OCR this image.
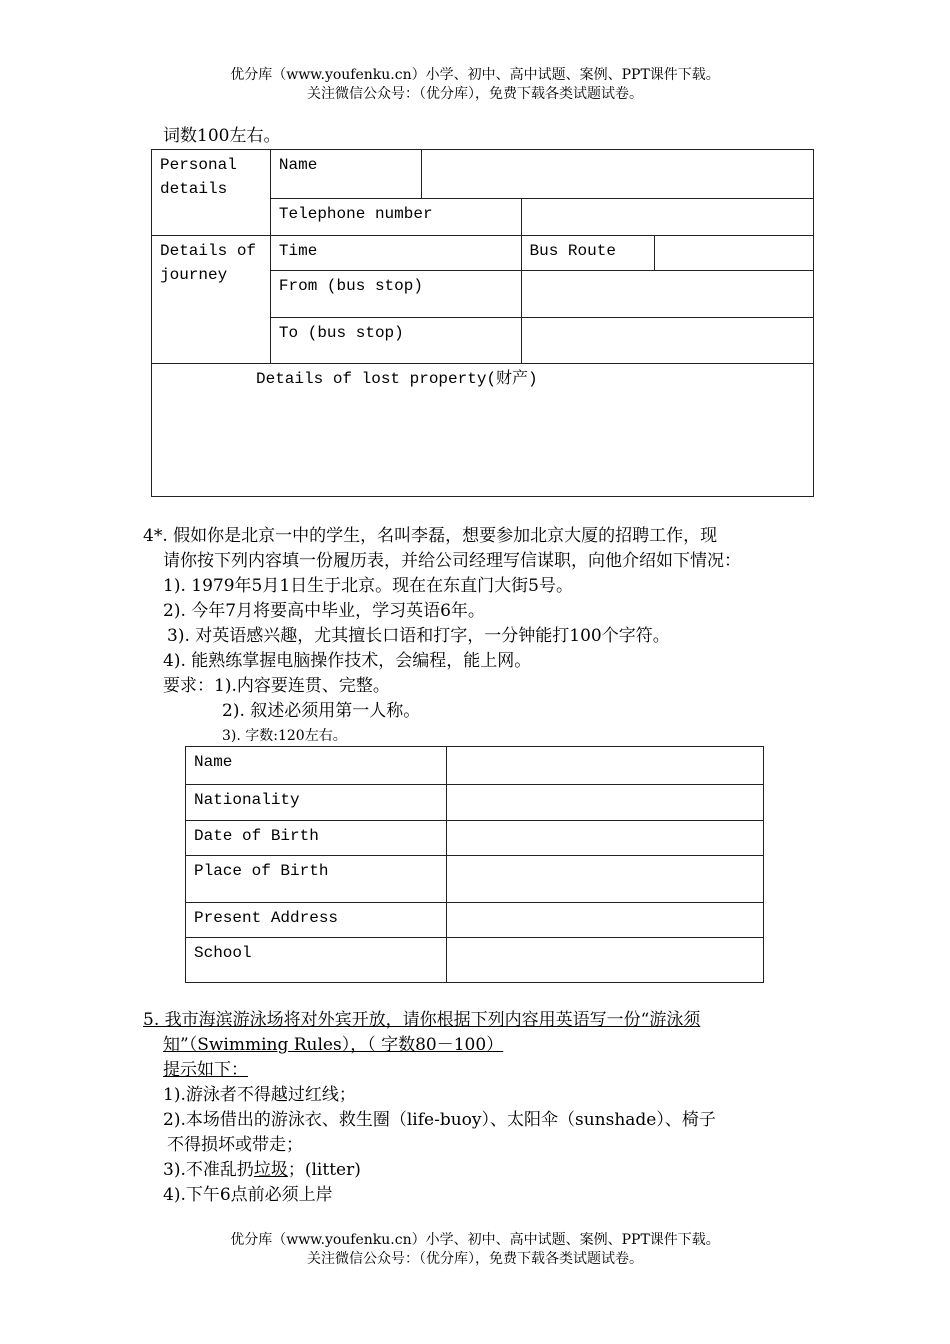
优分库（www.youfenku.cn）小学、初中、高中试题、案例、PPT课件下载。
关注微信公众号：（优分库），免费下载各类试题试卷。
词数100左右。
Personal details	Name			
	Telephone number			
Details of journey	Time		Bus Route	
	From (bus stop)			
	To (bus stop)			
Details of lost property(财产)				
4*. 假如你是北京一中的学生，名叫李磊，想要参加北京大厦的招聘工作，现
请你按下列内容填一份履历表，并给公司经理写信谋职，向他介绍如下情况：
1). 1979年5月1日生于北京。现在在东直门大街5号。
2). 今年7月将要高中毕业，学习英语6年。
3). 对英语感兴趣，尤其擅长口语和打字，一分钟能打100个字符。
4). 能熟练掌握电脑操作技术，会编程，能上网。
要求：1).内容要连贯、完整。
2). 叙述必须用第一人称。
3). 字数:120左右。
Name	
Nationality	
Date of Birth	
Place of Birth	
Present Address	
School	
5. 我市海滨游泳场将对外宾开放，请你根据下列内容用英语写一份“游泳须
知”（Swimming Rules），（ 字数80－100）
提示如下：
1).游泳者不得越过红线；
2).本场借出的游泳衣、救生圈（life-buoy）、太阳伞（sunshade）、椅子
不得损坏或带走；
3).不准乱扔垃圾；(litter)
4).下午6点前必须上岸
优分库（www.youfenku.cn）小学、初中、高中试题、案例、PPT课件下载。
关注微信公众号：（优分库），免费下载各类试题试卷。
